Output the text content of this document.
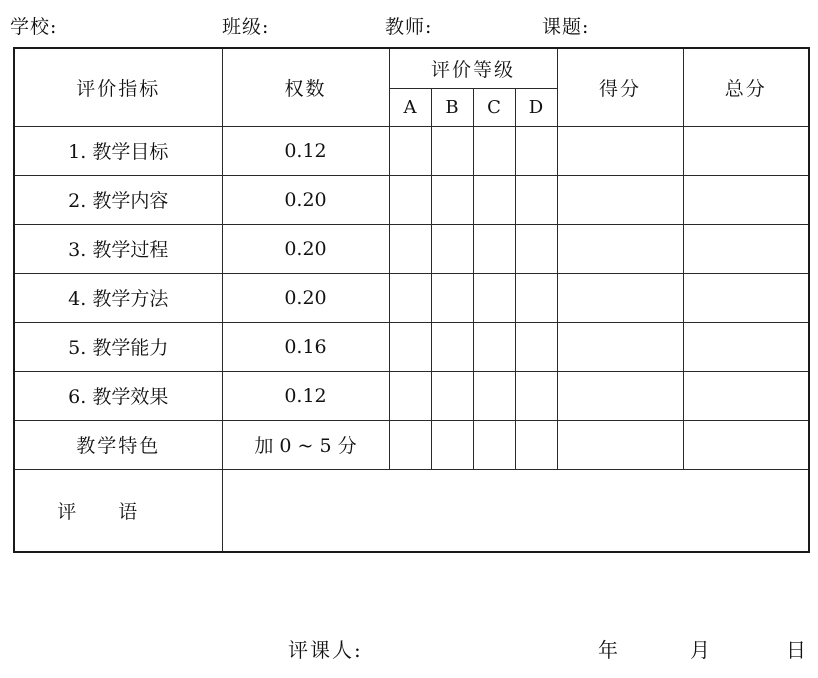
学校:	班级:	教师:	课题:
评价指标	权数	评价等级				得分	总分
		A	B	C	D		
1. 教学目标	0.12						
2. 教学内容	0.20						
3. 教学过程	0.20						
4. 教学方法	0.20						
5. 教学能力	0.16						
6. 教学效果	0.12						
教学特色	加 0 ~ 5 分						
评语							
评课人:	年	月	日
